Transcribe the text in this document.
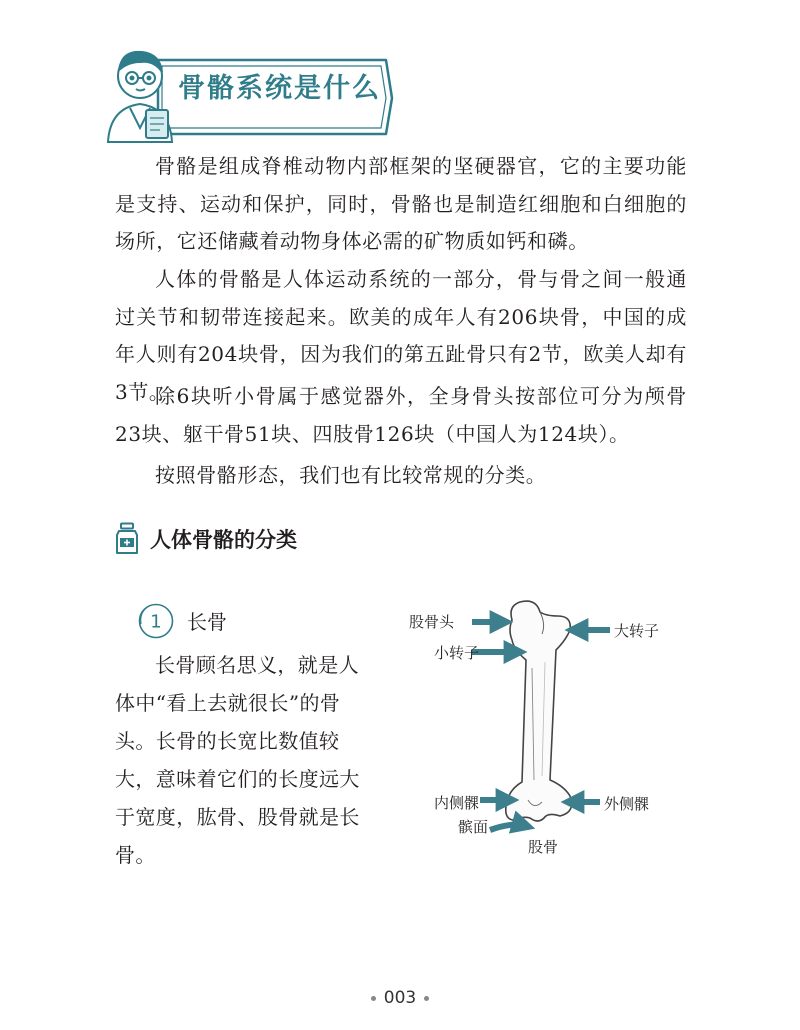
骨骼系统是什么

骨骼是组成脊椎动物内部框架的坚硬器官，它的主要功能是支持、运动和保护，同时，骨骼也是制造红细胞和白细胞的场所，它还储藏着动物身体必需的矿物质如钙和磷。

人体的骨骼是人体运动系统的一部分，骨与骨之间一般通过关节和韧带连接起来。欧美的成年人有206块骨，中国的成年人则有204块骨，因为我们的第五趾骨只有2节，欧美人却有3节。

除6块听小骨属于感觉器外，全身骨头按部位可分为颅骨23块、躯干骨51块、四肢骨126块（中国人为124块）。

按照骨骼形态，我们也有比较常规的分类。

人体骨骼的分类
1 长骨

长骨顾名思义，就是人体中“看上去就很长”的骨头。长骨的长宽比数值较大，意味着它们的长度远大于宽度，肱骨、股骨就是长骨。

股骨头
小转子
大转子
内侧髁	外侧髁
髌面
股骨
003
